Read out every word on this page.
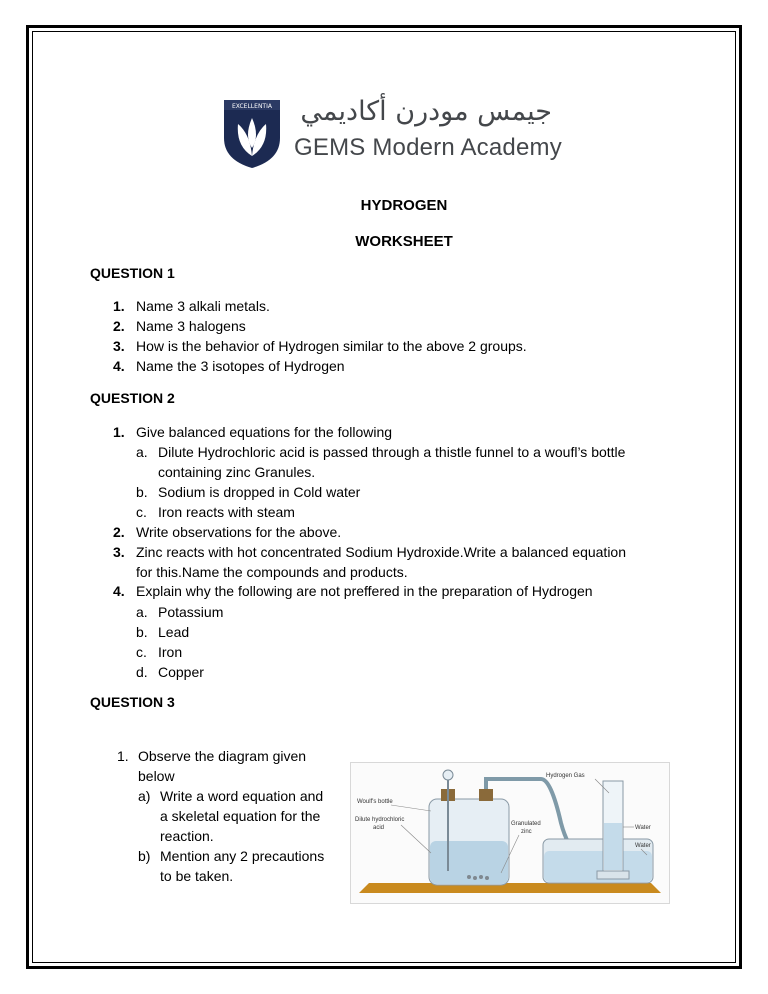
EXCELLENTIA جيمس مودرن أكاديمي
GEMS Modern Academy
HYDROGEN
WORKSHEET
QUESTION 1
1. Name 3 alkali metals.
2. Name 3 halogens
3. How is the behavior of Hydrogen similar to the above 2 groups.
4. Name the 3 isotopes of Hydrogen
QUESTION 2
1. Give balanced equations for the following
a. Dilute Hydrochloric acid is passed through a thistle funnel to a woufl’s bottle
containing zinc Granules.
b. Sodium is dropped in Cold water
c. Iron reacts with steam
2. Write observations for the above.
3. Zinc reacts with hot concentrated Sodium Hydroxide.Write a balanced equation
for this.Name the compounds and products.
4. Explain why the following are not preffered in the preparation of Hydrogen
a. Potassium
b. Lead
c. Iron
d. Copper
QUESTION 3
1. Observe the diagram given
below
a) Write a word equation and
a skeletal equation for the
reaction.
b) Mention any 2 precautions
to be taken.
Hydrogen Gas
Woulf's bottle
Dilute hydrochloric
acid
Granulated
zinc
Water
Water
